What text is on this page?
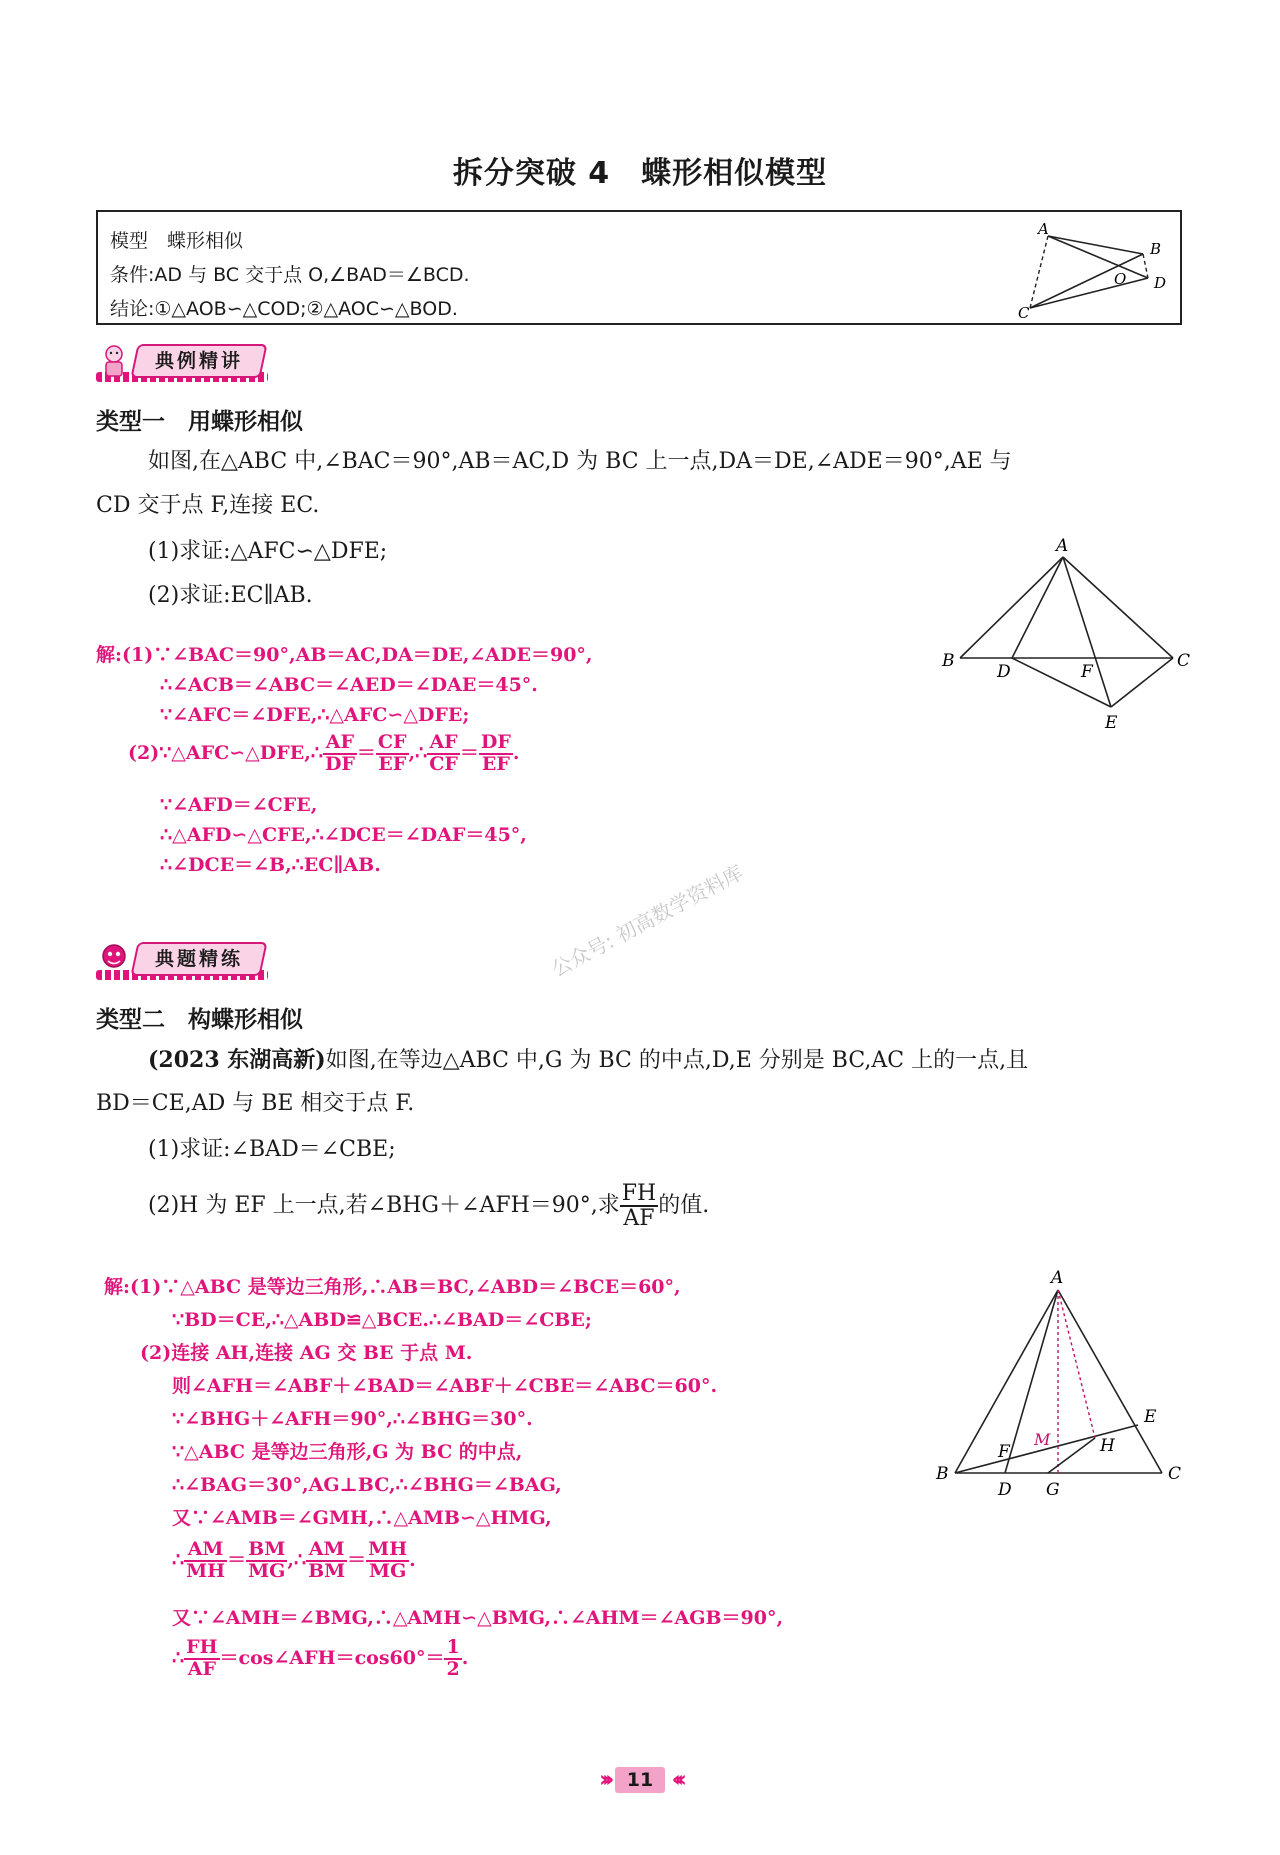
拆分突破 4　蝶形相似模型
模型　蝶形相似
条件:AD 与 BC 交于点 O,∠BAD＝∠BCD.
结论:①△AOB∽△COD;②△AOC∽△BOD.
A
B
O D
C
典例精讲
类型一　用蝶形相似
如图,在△ABC 中,∠BAC＝90°,AB＝AC,D 为 BC 上一点,DA＝DE,∠ADE＝90°,AE 与
CD 交于点 F,连接 EC.
(1)求证:△AFC∽△DFE;
(2)求证:EC∥AB.
A
B
D	F
C
E
解:(1)∵∠BAC＝90°,AB＝AC,DA＝DE,∠ADE＝90°,
∴∠ACB＝∠ABC＝∠AED＝∠DAE＝45°.
∵∠AFC＝∠DFE,∴△AFC∽△DFE;
(2)∵△AFC∽△DFE,∴ $\frac{AF}{DF} = \frac{CF}{EF}$ ,∴ $\frac{AF}{CF} = \frac{DF}{EF}$ .
∵∠AFD＝∠CFE,
∴△AFD∽△CFE,∴∠DCE＝∠DAF＝45°,
∴∠DCE＝∠B,∴EC∥AB.	公众号: 初高数学资料库
典题精练
类型二　构蝶形相似
(2023 东湖高新)如图,在等边△ABC 中,G 为 BC 的中点,D,E 分别是 BC,AC 上的一点,且
BD＝CE,AD 与 BE 相交于点 F.
(1)求证:∠BAD＝∠CBE;
(2)H 为 EF 上一点,若∠BHG＋∠AFH＝90°,求 $\frac{FH}{AF}$ 的值.
A
E
M	H
F
B
D G
C
解:(1)∵△ABC 是等边三角形,∴AB＝BC,∠ABD＝∠BCE＝60°,
∵BD＝CE,∴△ABD≌△BCE.∴∠BAD＝∠CBE;
(2)连接 AH,连接 AG 交 BE 于点 M.
则∠AFH＝∠ABF＋∠BAD＝∠ABF＋∠CBE＝∠ABC＝60°.
∵∠BHG＋∠AFH＝90°,∴∠BHG＝30°.
∵△ABC 是等边三角形,G 为 BC 的中点,
∴∠BAG＝30°,AG⊥BC,∴∠BHG＝∠BAG,
又∵∠AMB＝∠GMH,∴△AMB∽△HMG,
∴ $\frac{AM}{MH} = \frac{BM}{MG}$ ,∴ $\frac{AM}{BM} = \frac{MH}{MG}$ .
又∵∠AMH＝∠BMG,∴△AMH∽△BMG,∴∠AHM＝∠AGB＝90°,
∴ $\frac{FH}{AF}$ ＝cos∠AFH＝cos60°＝ $\frac{1}{2}$ .
››› 11 ‹‹‹
